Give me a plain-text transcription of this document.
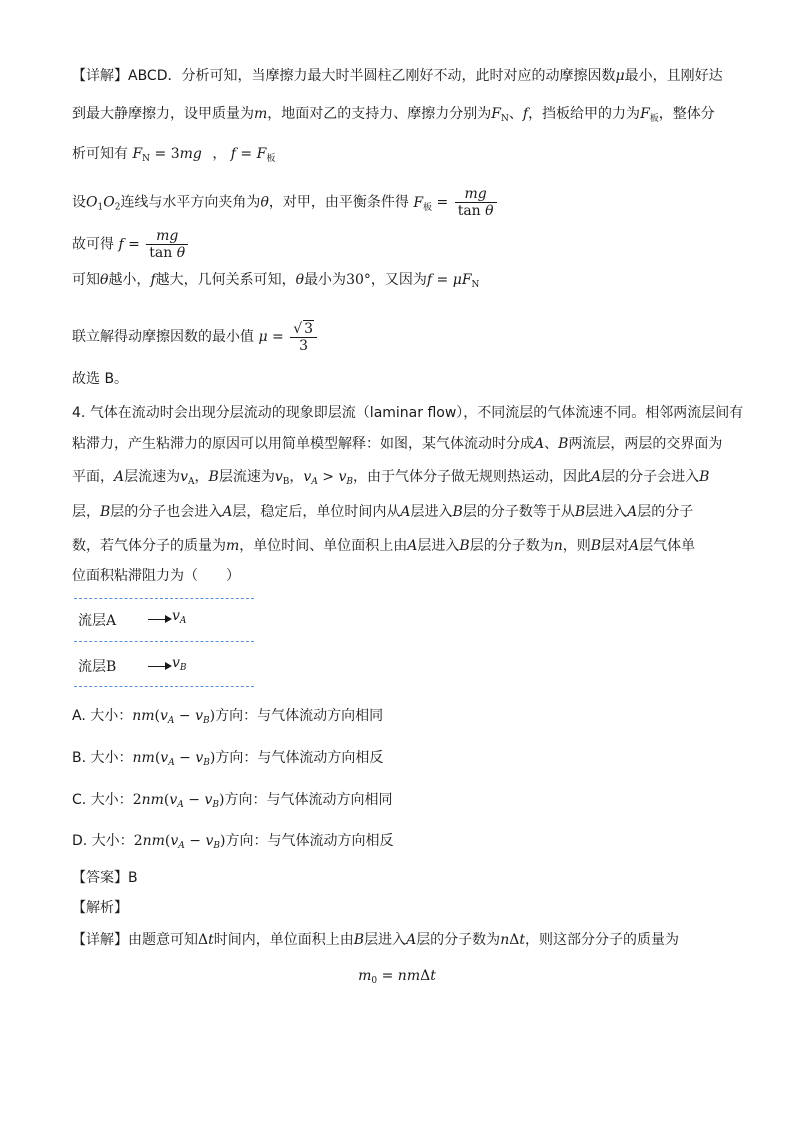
【详解】ABCD．分析可知，当摩擦力最大时半圆柱乙刚好不动，此时对应的动摩擦因数μ最小，且刚好达
到最大静摩擦力，设甲质量为m，地面对乙的支持力、摩擦力分别为$F_N$、f，挡板给甲的力为$F_板$，整体分
析可知有 $F_N = 3mg$ ， $f = F_板$
设$O_1O_2$连线与水平方向夹角为θ，对甲，由平衡条件得 $F_板 = \frac{mg}{\text{tan θ}}$
故可得 $f = \frac{mg}{\text{tan θ}}$
可知θ越小，f越大，几何关系可知，θ最小为30°，又因为$f = \mu F_N$
联立解得动摩擦因数的最小值 $\mu = \frac{√ 3}{3}$
故选 B。
4. 气体在流动时会出现分层流动的现象即层流（laminar flow），不同流层的气体流速不同。相邻两流层间有
粘滞力，产生粘滞力的原因可以用简单模型解释：如图，某气体流动时分成A、B两流层，两层的交界面为
平面，A层流速为$v_A$，B层流速为$v_B$，$v_A > v_B$，由于气体分子做无规则热运动，因此A层的分子会进入B
层，B层的分子也会进入A层，稳定后，单位时间内从A层进入B层的分子数等于从B层进入A层的分子
数，若气体分子的质量为m，单位时间、单位面积上由A层进入B层的分子数为n，则B层对A层气体单
位面积粘滞阻力为（　　）
流层A	$v_A$
流层B	$v_B$
A. 大小：$nm(v_A - v_B)$方向：与气体流动方向相同
B. 大小：$nm(v_A - v_B)$方向：与气体流动方向相反
C. 大小：$2nm(v_A - v_B)$方向：与气体流动方向相同
D. 大小：$2nm(v_A - v_B)$方向：与气体流动方向相反
【答案】B
【解析】
【详解】由题意可知Δt时间内，单位面积上由B层进入A层的分子数为nΔt，则这部分分子的质量为
$m_0 = nm\Delta t$
